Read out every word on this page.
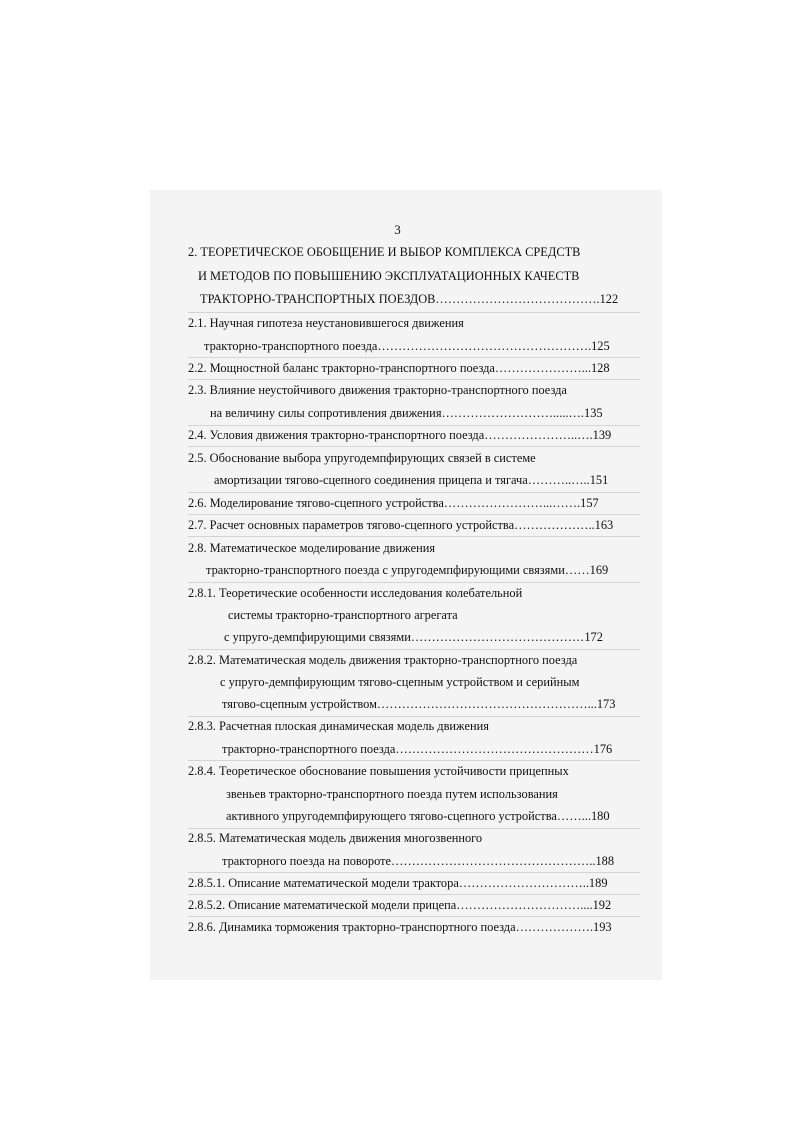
3
2. ТЕОРЕТИЧЕСКОЕ ОБОБЩЕНИЕ И ВЫБОР КОМПЛЕКСА СРЕДСТВ
И МЕТОДОВ ПО ПОВЫШЕНИЮ ЭКСПЛУАТАЦИОННЫХ КАЧЕСТВ
ТРАКТОРНО-ТРАНСПОРТНЫХ ПОЕЗДОВ………………………………….122
2.1. Научная гипотеза неустановившегося движения
тракторно-транспортного поезда…………………………………………….125
2.2. Мощностной баланс тракторно-транспортного поезда…………………...128
2.3. Влияние неустойчивого движения тракторно-транспортного поезда
на величину силы сопротивления движения……………………….....….135
2.4. Условия движения тракторно-транспортного поезда…………………..….139
2.5. Обоснование выбора упругодемпфирующих связей в системе
амортизации тягово-сцепного соединения прицепа и тягача………..…..151
2.6. Моделирование тягово-сцепного устройства……………………...…….157
2.7. Расчет основных параметров тягово-сцепного устройства………………..163
2.8. Математическое моделирование движения
тракторно-транспортного поезда с упругодемпфирующими связями……169
2.8.1. Теоретические особенности исследования колебательной
системы тракторно-транспортного агрегата
с упруго-демпфирующими связями……………………………………172
2.8.2. Математическая модель движения тракторно-транспортного поезда
с упруго-демпфирующим тягово-сцепным устройством и серийным
тягово-сцепным устройством……………………………………………...173
2.8.3. Расчетная плоская динамическая модель движения
тракторно-транспортного поезда…………………………………………176
2.8.4. Теоретическое обоснование повышения устойчивости прицепных
звеньев тракторно-транспортного поезда путем использования
активного упругодемпфирующего тягово-сцепного устройства……...180
2.8.5. Математическая модель движения многозвенного
тракторного поезда на повороте…………………………………………..188
2.8.5.1. Описание математической модели трактора…………………………..189
2.8.5.2. Описание математической модели прицепа…………………………....192
2.8.6. Динамика торможения тракторно-транспортного поезда……………….193
